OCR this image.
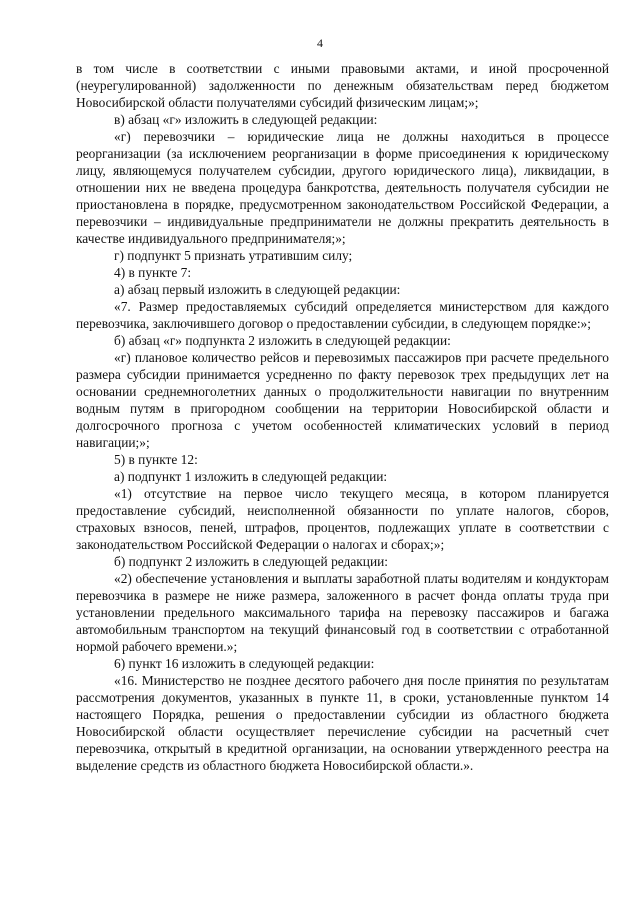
4

в том числе в соответствии с иными правовыми актами, и иной просроченной (неурегулированной) задолженности по денежным обязательствам перед бюджетом Новосибирской области получателями субсидий физическим лицам;»;

в) абзац «г» изложить в следующей редакции:

«г) перевозчики – юридические лица не должны находиться в процессе реорганизации (за исключением реорганизации в форме присоединения к юридическому лицу, являющемуся получателем субсидии, другого юридического лица), ликвидации, в отношении них не введена процедура банкротства, деятельность получателя субсидии не приостановлена в порядке, предусмотренном законодательством Российской Федерации, а перевозчики – индивидуальные предприниматели не должны прекратить деятельность в качестве индивидуального предпринимателя;»;

г) подпункт 5 признать утратившим силу;

4) в пункте 7:

а) абзац первый изложить в следующей редакции:

«7. Размер предоставляемых субсидий определяется министерством для каждого перевозчика, заключившего договор о предоставлении субсидии, в следующем порядке:»;

б) абзац «г» подпункта 2 изложить в следующей редакции:

«г) плановое количество рейсов и перевозимых пассажиров при расчете предельного размера субсидии принимается усредненно по факту перевозок трех предыдущих лет на основании среднемноголетних данных о продолжительности навигации по внутренним водным путям в пригородном сообщении на территории Новосибирской области и долгосрочного прогноза с учетом особенностей климатических условий в период навигации;»;

5) в пункте 12:

а) подпункт 1 изложить в следующей редакции:

«1) отсутствие на первое число текущего месяца, в котором планируется предоставление субсидий, неисполненной обязанности по уплате налогов, сборов, страховых взносов, пеней, штрафов, процентов, подлежащих уплате в соответствии с законодательством Российской Федерации о налогах и сборах;»;

б) подпункт 2 изложить в следующей редакции:

«2) обеспечение установления и выплаты заработной платы водителям и кондукторам перевозчика в размере не ниже размера, заложенного в расчет фонда оплаты труда при установлении предельного максимального тарифа на перевозку пассажиров и багажа автомобильным транспортом на текущий финансовый год в соответствии с отработанной нормой рабочего времени.»;

6) пункт 16 изложить в следующей редакции:

«16. Министерство не позднее десятого рабочего дня после принятия по результатам рассмотрения документов, указанных в пункте 11, в сроки, установленные пунктом 14 настоящего Порядка, решения о предоставлении субсидии из областного бюджета Новосибирской области осуществляет перечисление субсидии на расчетный счет перевозчика, открытый в кредитной организации, на основании утвержденного реестра на выделение средств из областного бюджета Новосибирской области.».
